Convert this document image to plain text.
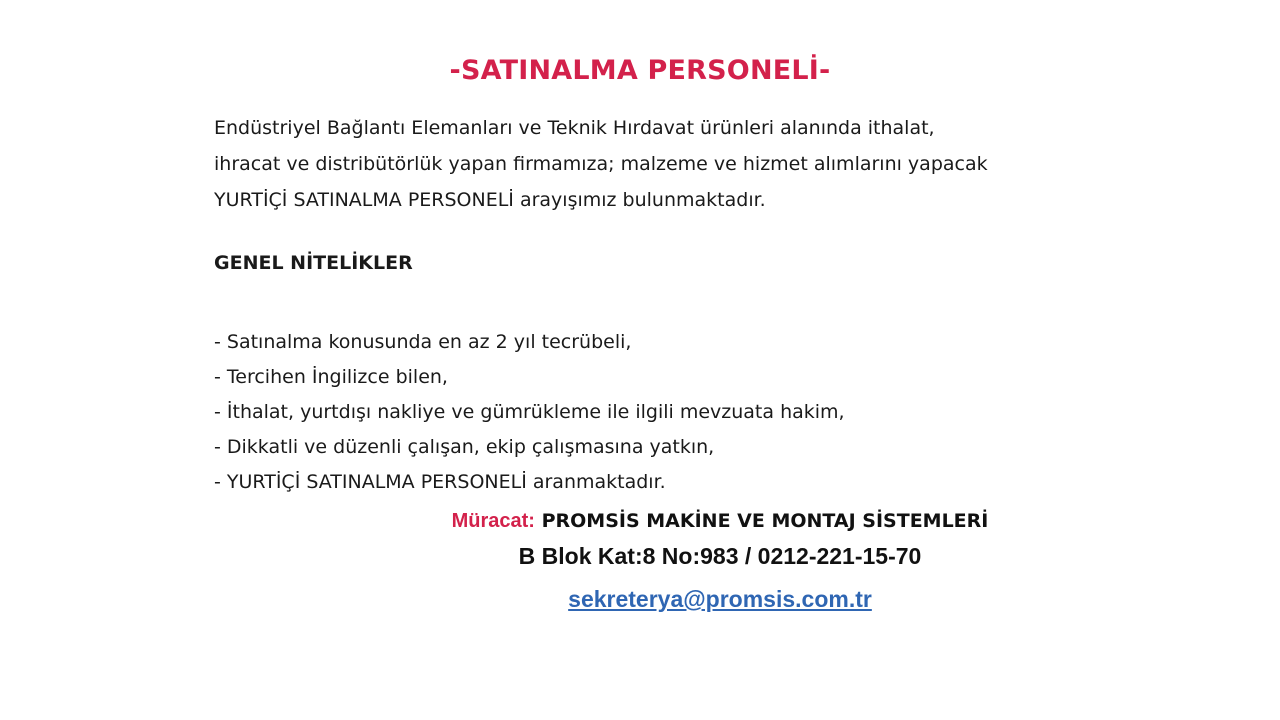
-SATINALMA PERSONELİ-
Endüstriyel Bağlantı Elemanları ve Teknik Hırdavat ürünleri alanında ithalat,
ihracat ve distribütörlük yapan firmamıza; malzeme ve hizmet alımlarını yapacak
YURTİÇİ SATINALMA PERSONELİ arayışımız bulunmaktadır.
GENEL NİTELİKLER
- Satınalma konusunda en az 2 yıl tecrübeli,
- Tercihen İngilizce bilen,
- İthalat, yurtdışı nakliye ve gümrükleme ile ilgili mevzuata hakim,
- Dikkatli ve düzenli çalışan, ekip çalışmasına yatkın,
- YURTİÇİ SATINALMA PERSONELİ aranmaktadır.
Müracat: PROMSİS MAKİNE VE MONTAJ SİSTEMLERİ
B Blok Kat:8 No:983 / 0212-221-15-70
sekreterya@promsis.com.tr
